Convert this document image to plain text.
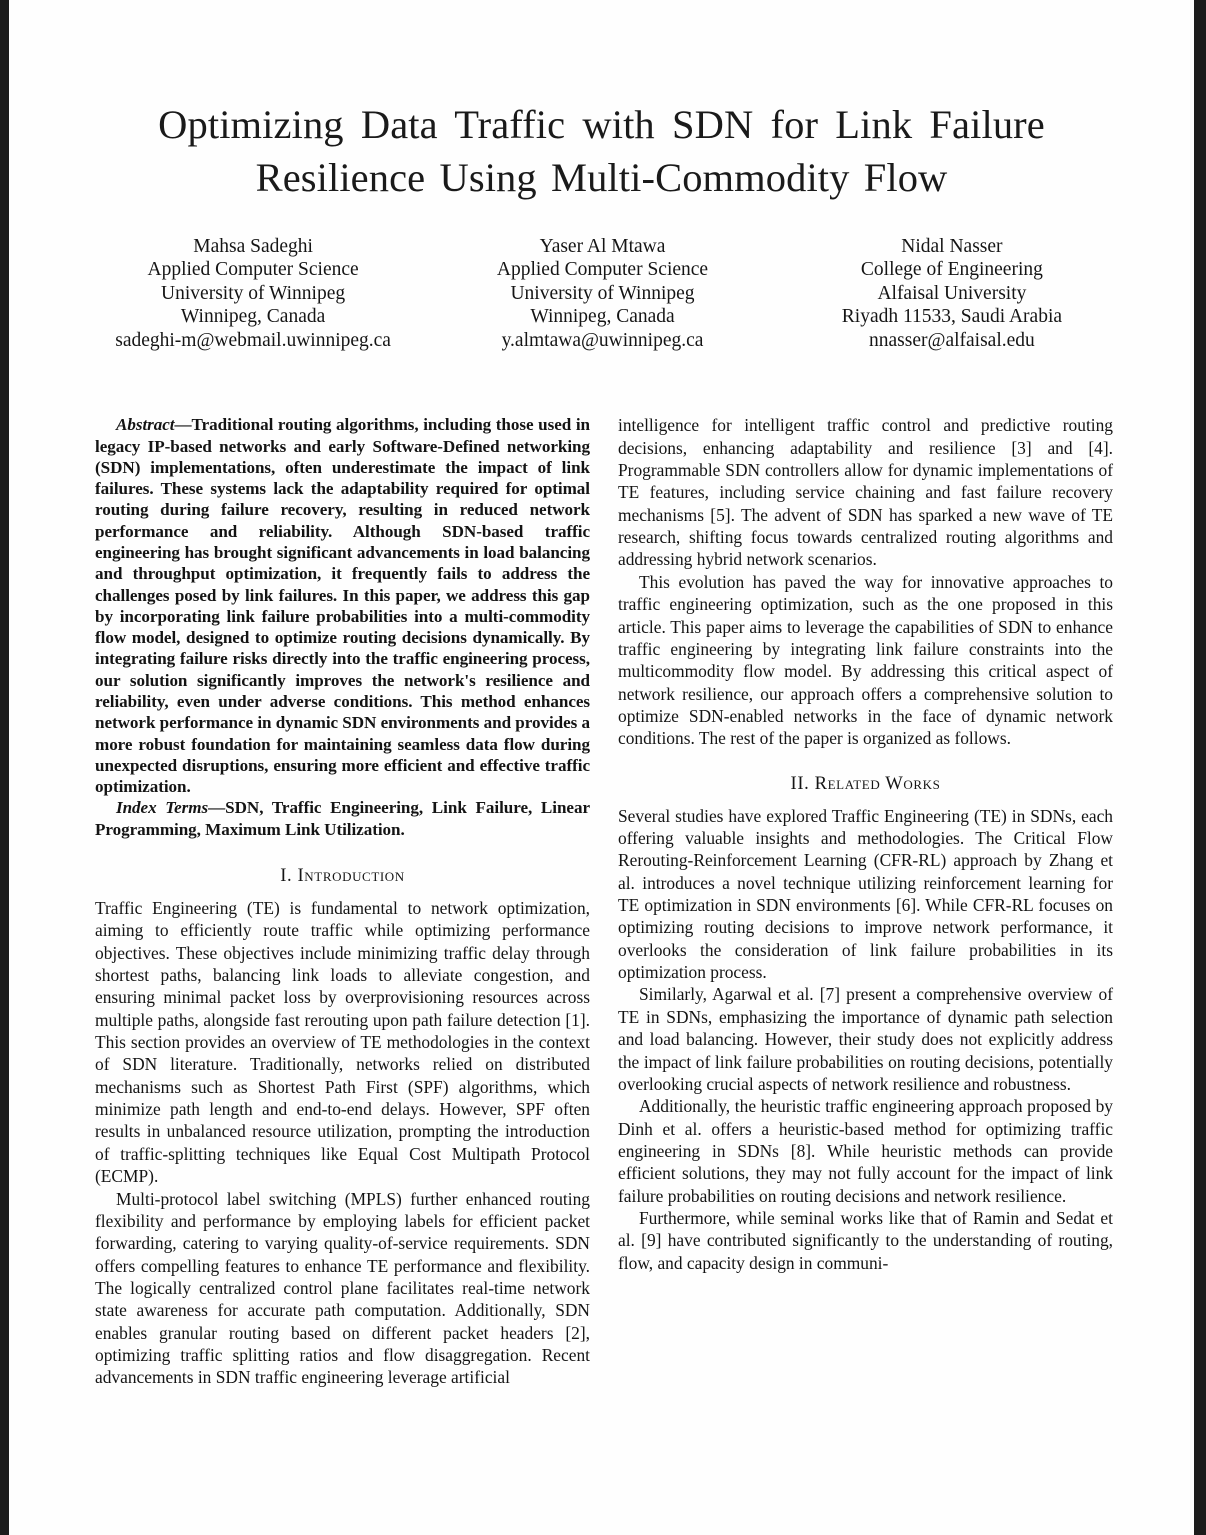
Optimizing Data Traffic with SDN for Link Failure
Resilience Using Multi-Commodity Flow
Mahsa Sadeghi
Applied Computer Science
University of Winnipeg
Winnipeg, Canada
sadeghi-m@webmail.uwinnipeg.ca
Yaser Al Mtawa
Applied Computer Science
University of Winnipeg
Winnipeg, Canada
y.almtawa@uwinnipeg.ca
Nidal Nasser
College of Engineering
Alfaisal University
Riyadh 11533, Saudi Arabia
nnasser@alfaisal.edu

Abstract—Traditional routing algorithms, including those used in legacy IP-based networks and early Software-Defined networking (SDN) implementations, often underestimate the impact of link failures. These systems lack the adaptability required for optimal routing during failure recovery, resulting in reduced network performance and reliability. Although SDN-based traffic engineering has brought significant advancements in load balancing and throughput optimization, it frequently fails to address the challenges posed by link failures. In this paper, we address this gap by incorporating link failure probabilities into a multi-commodity flow model, designed to optimize routing decisions dynamically. By integrating failure risks directly into the traffic engineering process, our solution significantly improves the network's resilience and reliability, even under adverse conditions. This method enhances network performance in dynamic SDN environments and provides a more robust foundation for maintaining seamless data flow during unexpected disruptions, ensuring more efficient and effective traffic optimization.

Index Terms—SDN, Traffic Engineering, Link Failure, Linear Programming, Maximum Link Utilization.

I. Introduction

Traffic Engineering (TE) is fundamental to network optimization, aiming to efficiently route traffic while optimizing performance objectives. These objectives include minimizing traffic delay through shortest paths, balancing link loads to alleviate congestion, and ensuring minimal packet loss by overprovisioning resources across multiple paths, alongside fast rerouting upon path failure detection [1]. This section provides an overview of TE methodologies in the context of SDN literature. Traditionally, networks relied on distributed mechanisms such as Shortest Path First (SPF) algorithms, which minimize path length and end-to-end delays. However, SPF often results in unbalanced resource utilization, prompting the introduction of traffic-splitting techniques like Equal Cost Multipath Protocol (ECMP).

Multi-protocol label switching (MPLS) further enhanced routing flexibility and performance by employing labels for efficient packet forwarding, catering to varying quality-of-service requirements. SDN offers compelling features to enhance TE performance and flexibility. The logically centralized control plane facilitates real-time network state awareness for accurate path computation. Additionally, SDN enables granular routing based on different packet headers [2], optimizing traffic splitting ratios and flow disaggregation. Recent advancements in SDN traffic engineering leverage artificial

intelligence for intelligent traffic control and predictive routing decisions, enhancing adaptability and resilience [3] and [4]. Programmable SDN controllers allow for dynamic implementations of TE features, including service chaining and fast failure recovery mechanisms [5]. The advent of SDN has sparked a new wave of TE research, shifting focus towards centralized routing algorithms and addressing hybrid network scenarios.

This evolution has paved the way for innovative approaches to traffic engineering optimization, such as the one proposed in this article. This paper aims to leverage the capabilities of SDN to enhance traffic engineering by integrating link failure constraints into the multicommodity flow model. By addressing this critical aspect of network resilience, our approach offers a comprehensive solution to optimize SDN-enabled networks in the face of dynamic network conditions. The rest of the paper is organized as follows.

II. Related Works

Several studies have explored Traffic Engineering (TE) in SDNs, each offering valuable insights and methodologies. The Critical Flow Rerouting-Reinforcement Learning (CFR-RL) approach by Zhang et al. introduces a novel technique utilizing reinforcement learning for TE optimization in SDN environments [6]. While CFR-RL focuses on optimizing routing decisions to improve network performance, it overlooks the consideration of link failure probabilities in its optimization process.

Similarly, Agarwal et al. [7] present a comprehensive overview of TE in SDNs, emphasizing the importance of dynamic path selection and load balancing. However, their study does not explicitly address the impact of link failure probabilities on routing decisions, potentially overlooking crucial aspects of network resilience and robustness.

Additionally, the heuristic traffic engineering approach proposed by Dinh et al. offers a heuristic-based method for optimizing traffic engineering in SDNs [8]. While heuristic methods can provide efficient solutions, they may not fully account for the impact of link failure probabilities on routing decisions and network resilience.

Furthermore, while seminal works like that of Ramin and Sedat et al. [9] have contributed significantly to the understanding of routing, flow, and capacity design in communi-
